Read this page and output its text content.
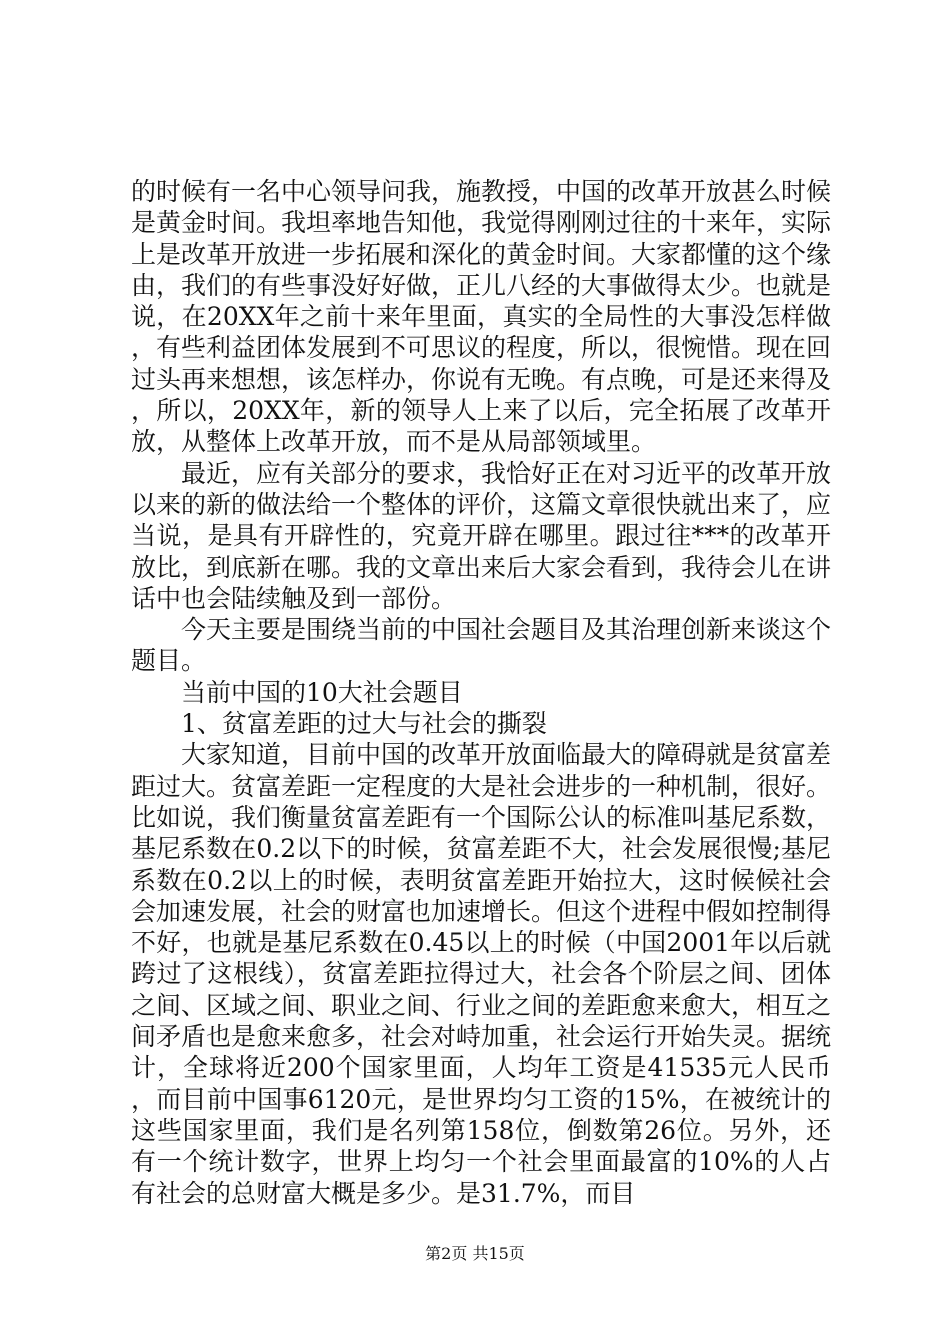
的时候有一名中心领导问我，施教授，中国的改革开放甚么时候是黄金时间。我坦率地告知他，我觉得刚刚过往的十来年，实际上是改革开放进一步拓展和深化的黄金时间。大家都懂的这个缘由，我们的有些事没好好做，正儿八经的大事做得太少。也就是说，在20XX年之前十来年里面，真实的全局性的大事没怎样做，有些利益团体发展到不可思议的程度，所以，很惋惜。现在回过头再来想想，该怎样办，你说有无晚。有点晚，可是还来得及，所以，20XX年，新的领导人上来了以后，完全拓展了改革开放，从整体上改革开放，而不是从局部领域里。

最近，应有关部分的要求，我恰好正在对习近平的改革开放以来的新的做法给一个整体的评价，这篇文章很快就出来了，应当说，是具有开辟性的，究竟开辟在哪里。跟过往***的改革开放比，到底新在哪。我的文章出来后大家会看到，我待会儿在讲话中也会陆续触及到一部份。

今天主要是围绕当前的中国社会题目及其治理创新来谈这个题目。

当前中国的10大社会题目

1、贫富差距的过大与社会的撕裂

大家知道，目前中国的改革开放面临最大的障碍就是贫富差距过大。贫富差距一定程度的大是社会进步的一种机制，很好。比如说，我们衡量贫富差距有一个国际公认的标准叫基尼系数，基尼系数在0.2以下的时候，贫富差距不大，社会发展很慢;基尼系数在0.2以上的时候，表明贫富差距开始拉大，这时候候社会会加速发展，社会的财富也加速增长。但这个进程中假如控制得不好，也就是基尼系数在0.45以上的时候（中国2001年以后就跨过了这根线），贫富差距拉得过大，社会各个阶层之间、团体之间、区域之间、职业之间、行业之间的差距愈来愈大，相互之间矛盾也是愈来愈多，社会对峙加重，社会运行开始失灵。据统计，全球将近200个国家里面，人均年工资是41535元人民币，而目前中国事6120元，是世界均匀工资的15%，在被统计的这些国家里面，我们是名列第158位，倒数第26位。另外，还有一个统计数字，世界上均匀一个社会里面最富的10%的人占有社会的总财富大概是多少。是31.7%，而目

第2页 共15页
